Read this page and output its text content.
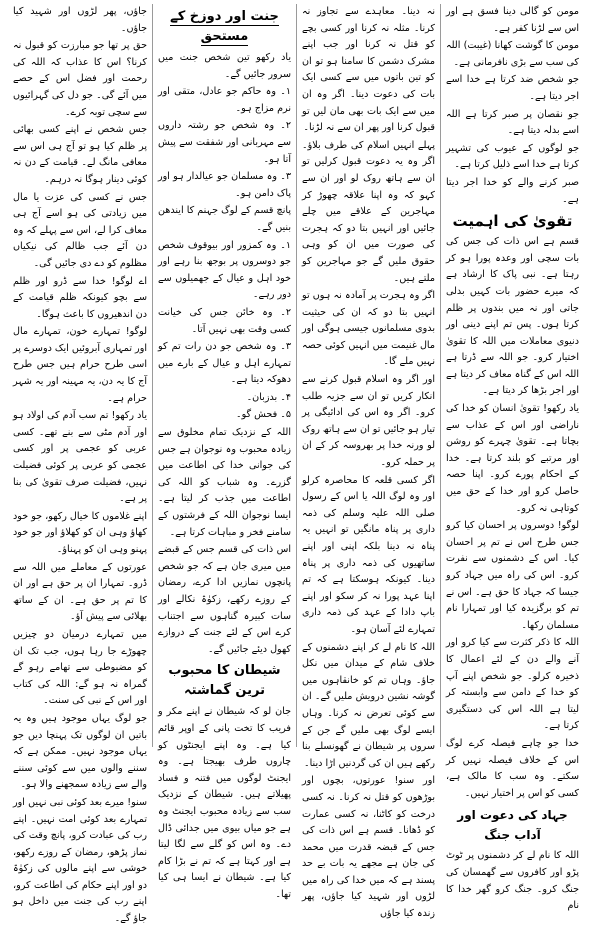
مومن کو گالی دینا فسق ہے اور اس سے لڑنا کفر ہے۔

مومن کا گوشت کھانا (غیبت) اللہ کی سب سے بڑی نافرمانی ہے۔

جو شخص ضد کرتا ہے خدا اسے اجر دیتا ہے۔

جو نقصان پر صبر کرتا ہے اللہ اسے بدلہ دیتا ہے۔

جو لوگوں کے عیوب کی تشہیر کرتا ہے خدا اسے ذلیل کرتا ہے۔

صبر کرنے والے کو خدا اجر دیتا ہے۔

تقویٰ کی اہمیت

قسم ہے اس ذات کی جس کی بات سچی اور وعدہ پورا ہو کر رہتا ہے۔ نبی پاک کا ارشاد ہے کہ میرے حضور بات کہیں بدلی جاتی اور نہ میں بندوں پر ظلم کرتا ہوں۔ پس تم اپنے دینی اور دنیوی معاملات میں اللہ کا تقویٰ اختیار کرو۔ جو اللہ سے ڈرتا ہے اللہ اس کے گناہ معاف کر دیتا ہے اور اجر بڑھا کر دیتا ہے۔

یاد رکھو! تقویٰ انسان کو خدا کی ناراضی اور اس کے عذاب سے بچاتا ہے۔ تقویٰ چہرے کو روشن اور مرتبے کو بلند کرتا ہے۔ خدا کے احکام پورے کرو۔ اپنا حصہ حاصل کرو اور خدا کے حق میں کوتاہی نہ کرو۔

لوگو! دوسروں پر احسان کیا کرو جس طرح اس نے تم پر احسان کیا۔ اس کے دشمنوں سے نفرت کرو۔ اس کی راہ میں جہاد کرو جیسا کہ جہاد کا حق ہے۔ اس نے تم کو برگزیدہ کیا اور تمہارا نام مسلمان رکھا۔

اللہ کا ذکر کثرت سے کیا کرو اور آنے والے دن کے لئے اعمال کا ذخیرہ کرلو۔ جو شخص اپنے آپ کو خدا کے دامن سے وابستہ کر لیتا ہے اللہ اس کی دستگیری کرتا ہے۔

خدا جو چاہے فیصلہ کرے لوگ اس کے خلاف فیصلہ نہیں کر سکتے۔ وہ سب کا مالک ہے، کسی کو اس پر اختیار نہیں۔

جہاد کی دعوت اور آداب جنگ

اللہ کا نام لے کر دشمنوں پر ٹوٹ پڑو اور کافروں سے گھمسان کی جنگ کرو۔ جنگ کرو گھر خدا کا نام

نہ دینا۔ معاہدے سے تجاوز نہ کرنا۔ مثلہ نہ کرنا اور کسی بچے کو قتل نہ کرنا اور جب اپنے مشرک دشمن کا سامنا ہو تو ان کو تین باتوں میں سے کسی ایک بات کی دعوت دینا۔ اگر وہ ان میں سے ایک بات بھی مان لیں تو قبول کرنا اور پھر ان سے نہ لڑنا۔

پہلے انہیں اسلام کی طرف بلاؤ۔ اگر وہ یہ دعوت قبول کرلیں تو ان سے ہاتھ روک لو اور ان سے کہو کہ وہ اپنا علاقہ چھوڑ کر مہاجرین کے علاقے میں چلے جائیں اور انہیں بتا دو کہ ہجرت کی صورت میں ان کو وہی حقوق ملیں گے جو مہاجرین کو ملتے ہیں۔

اگر وہ ہجرت پر آمادہ نہ ہوں تو انہیں بتا دو کہ ان کی حیثیت بدوی مسلمانوں جیسی ہوگی اور مال غنیمت میں انہیں کوئی حصہ نہیں ملے گا۔

اور اگر وہ اسلام قبول کرنے سے انکار کریں تو ان سے جزیہ طلب کرو۔ اگر وہ اس کی ادائیگی پر تیار ہو جائیں تو ان سے ہاتھ روک لو ورنہ خدا پر بھروسہ کر کے ان پر حملہ کرو۔

اگر کسی قلعہ کا محاصرہ کرلو اور وہ لوگ اللہ یا اس کے رسول صلی اللہ علیہ وسلم کی ذمہ داری پر پناہ مانگیں تو انہیں یہ پناہ نہ دینا بلکہ اپنی اور اپنے ساتھیوں کی ذمہ داری پر پناہ دینا۔ کیونکہ ہوسکتا ہے کہ تم اپنا عہد پورا نہ کر سکو اور اپنے باپ دادا کے عہد کی ذمہ داری تمہارے لئے آسان ہو۔

اللہ کا نام لے کر اپنے دشمنوں کے خلاف شام کے میدان میں نکل جاؤ۔ وہاں تم کو خانقاہوں میں گوشہ نشین درویش ملیں گے۔ ان سے کوئی تعرض نہ کرنا۔ وہاں ایسے لوگ بھی ملیں گے جن کے سروں پر شیطان نے گھونسلے بنا رکھے ہیں ان کی گردنیں اڑا دینا۔

اور سنو! عورتوں، بچوں اور بوڑھوں کو قتل نہ کرنا۔ نہ کسی درخت کو کاٹنا، نہ کسی عمارت کو ڈھانا۔ قسم ہے اس ذات کی جس کے قبضہ قدرت میں محمد کی جان ہے مجھے یہ بات بے حد پسند ہے کہ میں خدا کی راہ میں لڑوں اور شہید کیا جاؤں، پھر زندہ کیا جاؤں

جنت اور دوزخ کے مستحق

یاد رکھو تین شخص جنت میں سرور جائیں گے۔

۱۔ وہ حاکم جو عادل، متقی اور نرم مزاج ہو۔

۲۔ وہ شخص جو رشتہ داروں سے مہربانی اور شفقت سے پیش آتا ہو۔

۳۔ وہ مسلمان جو عیالدار ہو اور پاک دامن ہو۔

پانچ قسم کے لوگ جہنم کا ایندھن بنیں گے۔

۱۔ وہ کمزور اور بیوقوف شخص جو دوسروں پر بوجھ بنا رہے اور خود اہل و عیال کے جھمیلوں سے دور رہے۔

۲۔ وہ خائن جس کی خیانت کسی وقت بھی نہیں آتا۔

۳۔ وہ شخص جو دن رات تم کو تمہارے اہل و عیال کے بارے میں دھوکہ دیتا ہے۔

۴۔ بدزبان۔

۵۔ فحش گو۔

اللہ کے نزدیک تمام مخلوق سے زیادہ محبوب وہ نوجوان ہے جس کی جوانی خدا کی اطاعت میں گزرے۔ وہ شباب کو اللہ کی اطاعت میں جذب کر لیتا ہے۔ ایسا نوجوان اللہ کے فرشتوں کے سامنے فخر و مباہات کرتا ہے۔

اس ذات کی قسم جس کے قبضے میں میری جان ہے کہ جو شخص پانچوں نمازیں ادا کرے، رمضان کے روزے رکھے، زکوٰۃ نکالے اور سات کبیرہ گناہوں سے اجتناب کرے اس کے لئے جنت کے دروازے کھول دیئے جائیں گے۔

شیطان کا محبوب ترین گماشتہ

جان لو کہ شیطان نے اپنے مکر و فریب کا تخت پانی کے اوپر قائم کیا ہے۔ وہ اپنے ایجنٹوں کو چاروں طرف بھیجتا ہے۔ وہ ایجنٹ لوگوں میں فتنہ و فساد پھیلاتے ہیں۔ شیطان کے نزدیک سب سے زیادہ محبوب ایجنٹ وہ ہے جو میاں بیوی میں جدائی ڈال دے۔ وہ اس کو گلے سے لگا لیتا ہے اور کہتا ہے کہ تم نے بڑا کام کیا ہے۔ شیطان نے ایسا ہی کیا تھا۔

جاؤں، پھر لڑوں اور شہید کیا جاؤں۔

حق پر تھا جو مبارزت کو قبول نہ کرنا؟ اس کا عذاب کہ اللہ کی رحمت اور فضل اس کے حصے میں آئے گی۔ جو دل کی گہرائیوں سے سچی توبہ کرے۔

جس شخص نے اپنے کسی بھائی پر ظلم کیا ہو تو آج ہی اس سے معافی مانگ لے۔ قیامت کے دن نہ کوئی دینار ہوگا نہ درہم۔

جس نے کسی کی عزت یا مال میں زیادتی کی ہو اسے آج ہی معاف کرا لے، اس سے پہلے کہ وہ دن آئے جب ظالم کی نیکیاں مظلوم کو دے دی جائیں گی۔

اے لوگو! خدا سے ڈرو اور ظلم سے بچو کیونکہ ظلم قیامت کے دن اندھیروں کا باعث ہوگا۔

لوگو! تمہارے خون، تمہارے مال اور تمہاری آبروئیں ایک دوسرے پر اسی طرح حرام ہیں جس طرح آج کا یہ دن، یہ مہینہ اور یہ شہر حرام ہے۔

یاد رکھو! تم سب آدم کی اولاد ہو اور آدم مٹی سے بنے تھے۔ کسی عربی کو عجمی پر اور کسی عجمی کو عربی پر کوئی فضیلت نہیں، فضیلت صرف تقویٰ کی بنا پر ہے۔

اپنے غلاموں کا خیال رکھو، جو خود کھاؤ وہی ان کو کھلاؤ اور جو خود پہنو وہی ان کو پہناؤ۔

عورتوں کے معاملے میں اللہ سے ڈرو۔ تمہارا ان پر حق ہے اور ان کا تم پر حق ہے۔ ان کے ساتھ بھلائی سے پیش آؤ۔

میں تمہارے درمیان دو چیزیں چھوڑے جا رہا ہوں، جب تک ان کو مضبوطی سے تھامے رہو گے گمراہ نہ ہو گے: اللہ کی کتاب اور اس کے نبی کی سنت۔

جو لوگ یہاں موجود ہیں وہ یہ باتیں ان لوگوں تک پہنچا دیں جو یہاں موجود نہیں۔ ممکن ہے کہ سننے والوں میں سے کوئی سننے والے سے زیادہ سمجھنے والا ہو۔

سنو! میرے بعد کوئی نبی نہیں اور تمہارے بعد کوئی امت نہیں۔ اپنے رب کی عبادت کرو، پانچ وقت کی نماز پڑھو، رمضان کے روزے رکھو، خوشی سے اپنے مالوں کی زکوٰۃ دو اور اپنے حکام کی اطاعت کرو، اپنے رب کی جنت میں داخل ہو جاؤ گے۔
